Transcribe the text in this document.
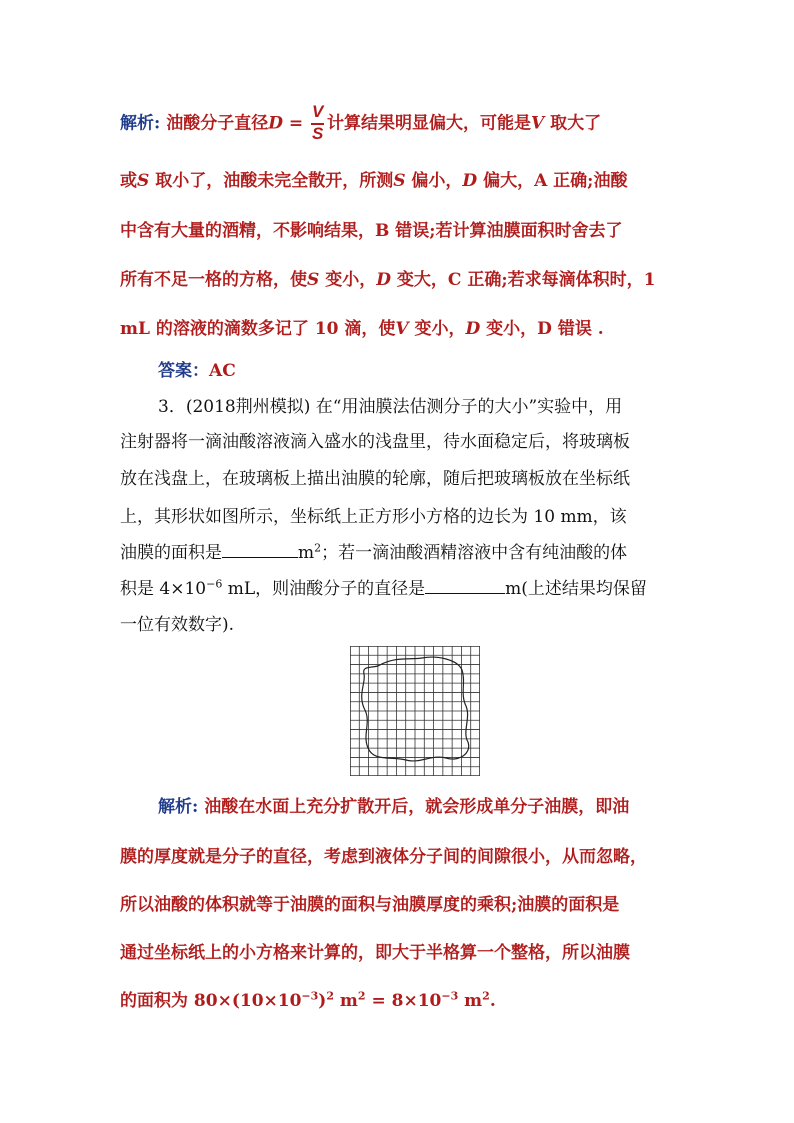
解析: 油酸分子直径$D = \frac{V}{S}$ 计算结果明显偏大，可能是V 取大了
或S 取小了，油酸未完全散开，所测S 偏小，D 偏大，A 正确;油酸
中含有大量的酒精，不影响结果，B 错误;若计算油膜面积时舍去了
所有不足一格的方格，使S 变小，D 变大，C 正确;若求每滴体积时，1
mL 的溶液的滴数多记了 10 滴，使V 变小，D 变小，D 错误 .
答案：AC
3．(2018荆州模拟) 在“用油膜法估测分子的大小”实验中，用
注射器将一滴油酸溶液滴入盛水的浅盘里，待水面稳定后，将玻璃板
放在浅盘上，在玻璃板上描出油膜的轮廓，随后把玻璃板放在坐标纸
上，其形状如图所示，坐标纸上正方形小方格的边长为 10 mm，该
油膜的面积是	$m^2$；若一滴油酸酒精溶液中含有纯油酸的体
积是 $4\times 10^{-6}$ mL，则油酸分子的直径是	m(上述结果均保留
一位有效数字).
解析: 油酸在水面上充分扩散开后，就会形成单分子油膜，即油
膜的厚度就是分子的直径，考虑到液体分子间的间隙很小，从而忽略，
所以油酸的体积就等于油膜的面积与油膜厚度的乘积;油膜的面积是
通过坐标纸上的小方格来计算的，即大于半格算一个整格，所以油膜
的面积为 $80\times(10\times 10^{-3})^2$ $m^2 = 8\times 10^{-3}$ $m^2$.
